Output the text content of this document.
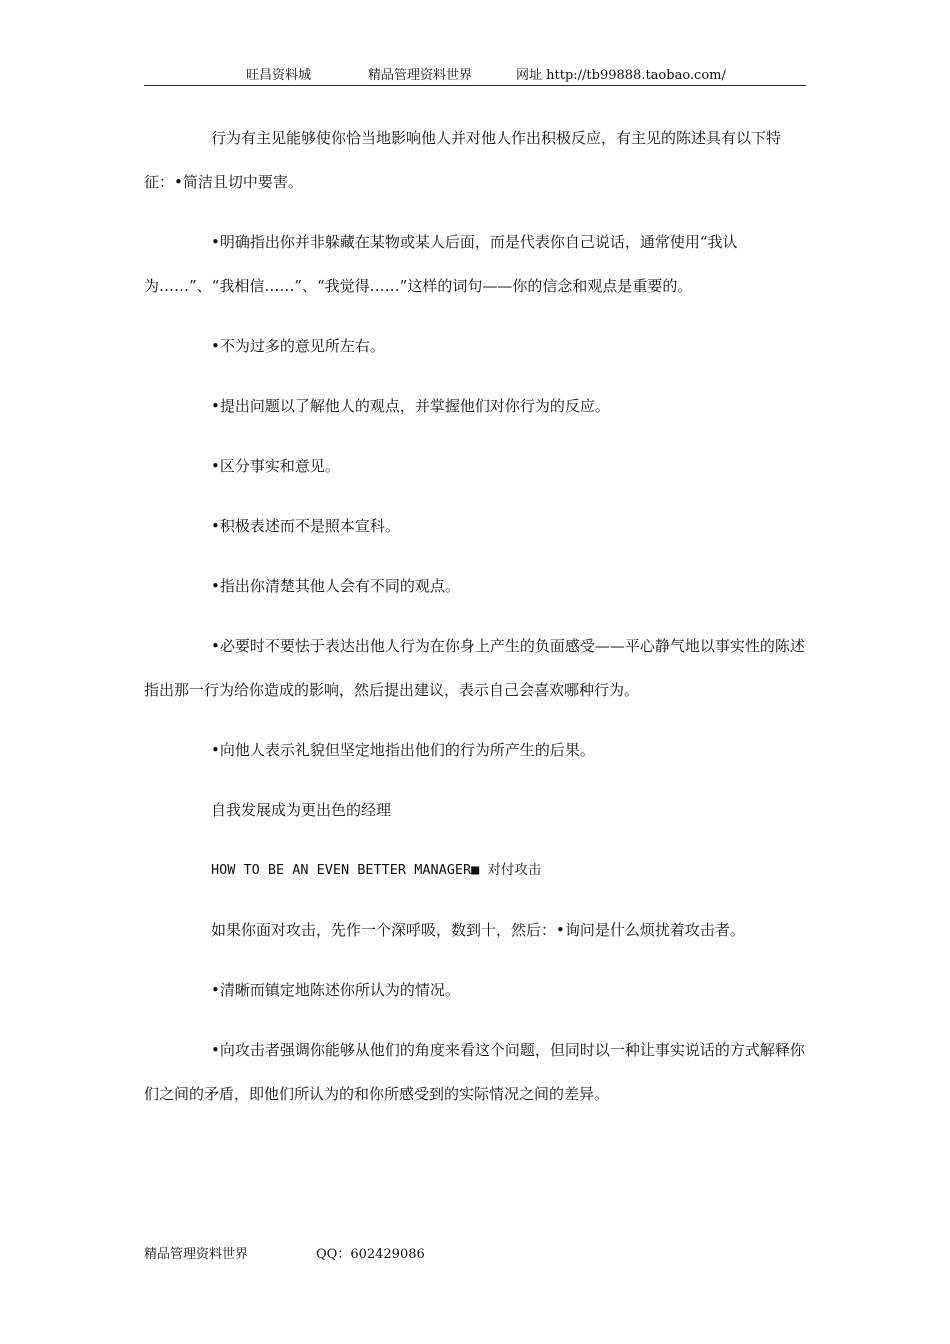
旺昌资料城	精品管理资料世界	网址 http://tb99888.taobao.com/

行为有主见能够使你恰当地影响他人并对他人作出积极反应，有主见的陈述具有以下特征：•简洁且切中要害。

•明确指出你并非躲藏在某物或某人后面，而是代表你自己说话，通常使用“我认为……”、“我相信……”、“我觉得……”这样的词句——你的信念和观点是重要的。

•不为过多的意见所左右。

•提出问题以了解他人的观点，并掌握他们对你行为的反应。

•区分事实和意见。

•积极表述而不是照本宣科。

•指出你清楚其他人会有不同的观点。

•必要时不要怯于表达出他人行为在你身上产生的负面感受——平心静气地以事实性的陈述指出那一行为给你造成的影响，然后提出建议，表示自己会喜欢哪种行为。

•向他人表示礼貌但坚定地指出他们的行为所产生的后果。

自我发展成为更出色的经理

HOW TO BE AN EVEN BETTER MANAGER■ 对付攻击

如果你面对攻击，先作一个深呼吸，数到十，然后：•询问是什么烦扰着攻击者。

•清晰而镇定地陈述你所认为的情况。

•向攻击者强调你能够从他们的角度来看这个问题，但同时以一种让事实说话的方式解释你们之间的矛盾，即他们所认为的和你所感受到的实际情况之间的差异。

精品管理资料世界	QQ：602429086
